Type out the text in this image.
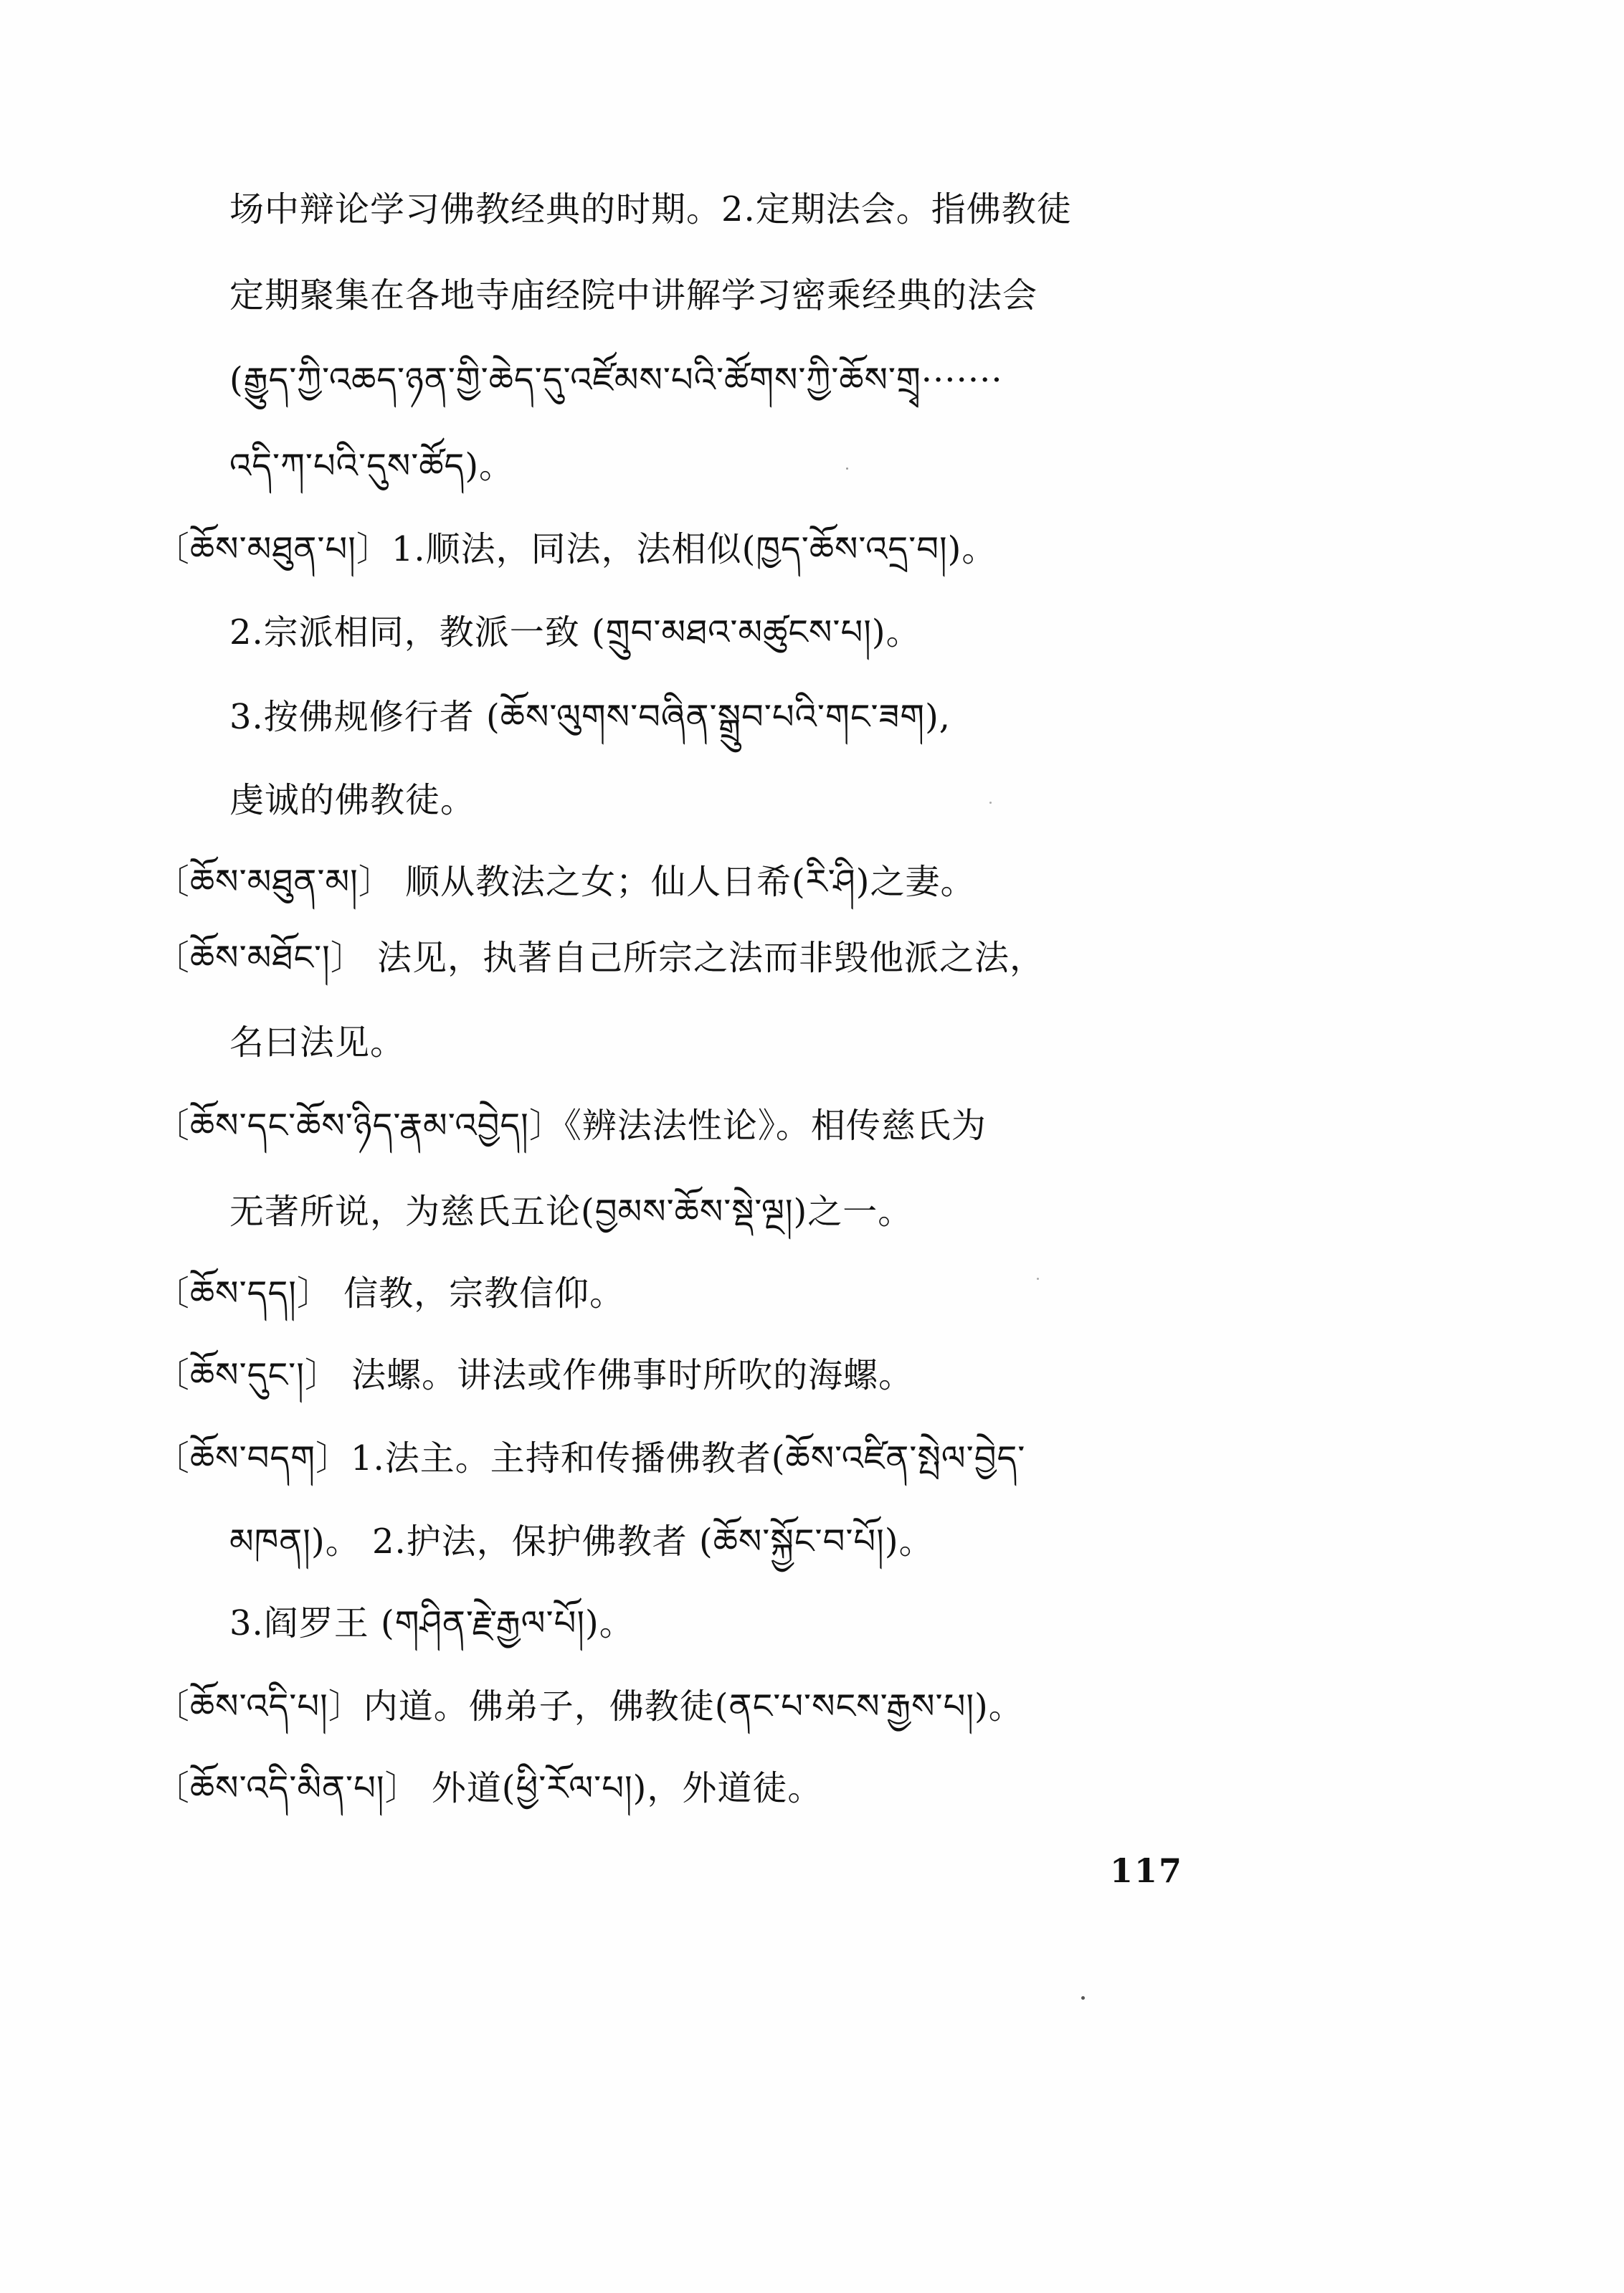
场中辩论学习佛教经典的时期。2.定期法会。指佛教徒
定期聚集在各地寺庙经院中讲解学习密乘经典的法会
(རྒྱུད་ཀྱི་འཆད་ཉན་གྱི་ཆེད་དུ་འཛོམས་པའི་ཚོགས་ཀྱི་ཆོས་གྲྭ·······
འདི་ཀ་པའི་དུས་ཚོད)。
〔ཆོས་མཐུན་པ།〕1.顺法，同法，法相似(ཁྱད་ཆོས་འདྲ་བ།)。
2.宗派相同，教派一致 (གྲུབ་མཐའ་མཚུངས་པ།)。
3.按佛规修行者 (ཆོས་ལུགས་བཞིན་སྒྲུབ་པའི་གང་ཟག),
虔诚的佛教徒。
〔ཆོས་མཐུན་མ།〕 顺从教法之女；仙人日希(རི་ཤི)之妻。
〔ཆོས་མཐོང་།〕 法见，执著自己所宗之法而非毁他派之法，
名曰法见。
〔ཆོས་དང་ཆོས་ཉིད་རྣམ་འབྱེད།〕《辨法法性论》。相传慈氏为
无著所说，为慈氏五论(བྱམས་ཆོས་སྡེ་ལྔ།)之一。
〔ཆོས་དད།〕 信教，宗教信仰。
〔ཆོས་དུང་།〕 法螺。讲法或作佛事时所吹的海螺。
〔ཆོས་བདག〕1.法主。主持和传播佛教者(ཆོས་འཛིན་སྤེལ་བྱེད་
མཁན།)。 2.护法，保护佛教者 (ཆོས་སྐྱོང་བ་པོ།)。
3.阎罗王 (གཤིན་རྗེ་རྒྱལ་པོ།)。
〔ཆོས་འདི་པ།〕内道。佛弟子，佛教徒(ནང་པ་སངས་རྒྱས་པ།)。
〔ཆོས་འདི་མིན་པ།〕 外道(ཕྱི་རོལ་པ།)，外道徒。
117
